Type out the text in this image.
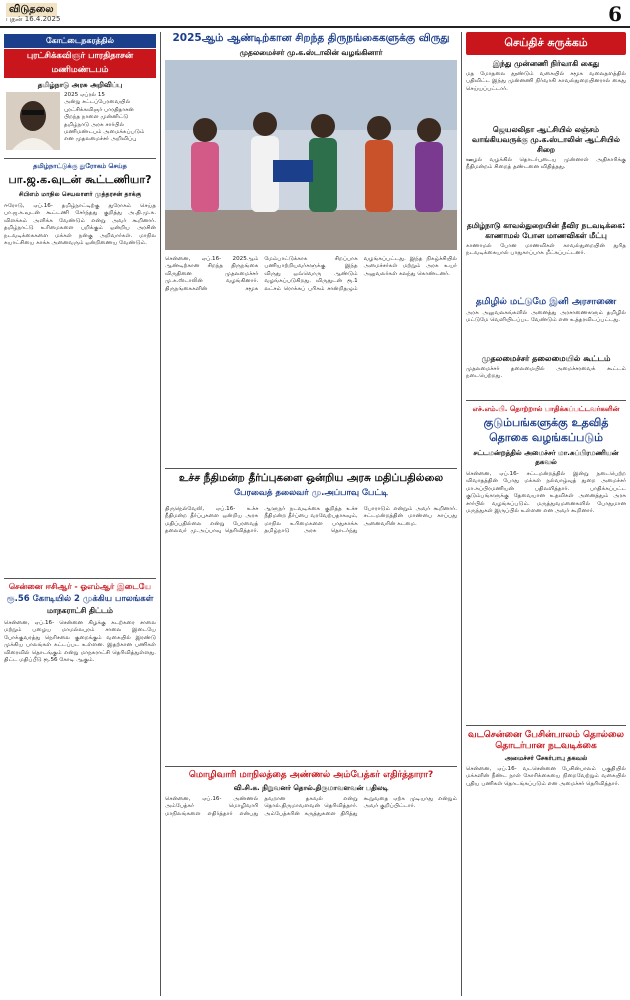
விடுதலை
புதன் 16.4.2025	6
கோட்டைநகரத்தில்
புரட்சிக்கவிஞர் பாரதிதாசன்
மணிமண்டபம்
தமிழ்நாடு அரசு அறிவிப்பு
2025 ஏப்ரல் 15
அன்று சட்டப்பேரவையில்
புரட்சிக்கவிஞர் பாரதிதாசன்
பிறந்த நாளை முன்னிட்டு
தமிழ்நாடு அரசு சார்பில்
மணிமண்டபம் அமைக்கப்படும்
என முதலமைச்சர் அறிவிப்பு
தமிழ்நாட்டுக்கு துரோகம் செய்த
பா.ஜ.க.வுடன் கூட்டணியா?
சிபிஎம் மாநில செயலாளர் முத்தரசன் தாக்கு
ஈரோடு, ஏப்.16- தமிழ்நாட்டிற்கு துரோகம் செய்த பா.ஜ.க.வுடன் கூட்டணி சேர்ந்தது குறித்து அ.தி.மு.க. விளக்கம் அளிக்க வேண்டும் என்று அவர் கூறினார். தமிழ்நாட்டு உரிமைகளை பறிக்கும் ஒன்றிய அரசின் நடவடிக்கைகளை மக்கள் நன்கு அறிவார்கள். மாநில சுயாட்சியை காக்க அனைவரும் ஒன்றிணைய வேண்டும்.
சென்னை ஈசிஆர் - ஓஎம்ஆர் இடையே
ரூ.56 கோடியில் 2 முக்கிய பாலங்கள்
மாநகராட்சி திட்டம்
சென்னை, ஏப்.16- சென்னை கிழக்கு கடற்கரை சாலை மற்றும் பழைய மாமல்லபுரம் சாலை இடையே போக்குவரத்து நெரிசலை குறைக்கும் வகையில் இரண்டு முக்கிய பாலங்கள் கட்டப்பட உள்ளன. இதற்கான பணிகள் விரைவில் தொடங்கும் என்று மாநகராட்சி தெரிவித்துள்ளது. திட்ட மதிப்பீடு ரூ.56 கோடி ஆகும்.
2025ஆம் ஆண்டிற்கான சிறந்த திருநங்கைகளுக்கு விருது
முதலமைச்சர் மு.க.ஸ்டாலின் வழங்கினார்
சென்னை, ஏப்.16- 2025ஆம் ஆண்டிற்கான சிறந்த திருநங்கை விருதினை முதலமைச்சர் மு.க.ஸ்டாலின் வழங்கினார். திருநங்கைகளின் சமூக மேம்பாட்டுக்காக சிறப்பாக பணியாற்றியவர்களுக்கு இந்த விருது ஒவ்வொரு ஆண்டும் வழங்கப்படுகிறது. விருதுடன் ரூ.1 லட்சம் ரொக்கப் பரிசும் சான்றிதழும் வழங்கப்பட்டது. இந்த நிகழ்ச்சியில் அமைச்சர்கள் மற்றும் அரசு உயர் அலுவலர்கள் கலந்து கொண்டனர்.
உச்ச நீதிமன்ற தீர்ப்புகளை ஒன்றிய அரசு மதிப்பதில்லை
பேரவைத் தலைவர் மு.அப்பாவு பேட்டி
திருநெல்வேலி, ஏப்.16- உச்ச நீதிமன்ற தீர்ப்புகளை ஒன்றிய அரசு மதிப்பதில்லை என்று பேரவைத் தலைவர் மு.அப்பாவு தெரிவித்தார். ஆளுநர் நடவடிக்கை குறித்த உச்ச நீதிமன்ற தீர்ப்பை வரவேற்பதாகவும், மாநில உரிமைகளை பாதுகாக்க தமிழ்நாடு அரசு தொடர்ந்து போராடும் என்றும் அவர் கூறினார். சட்டமன்றத்தின் மாண்பை காப்பது அனைவரின் கடமை.
மொழிவாரி மாநிலத்தை அண்ணல் அம்பேத்கர் எதிர்த்தாரா?
வி.சி.க. நிறுவனர் தொல்.திருமாவளவன் பதிலடி
சென்னை, ஏப்.16- அண்ணல் அம்பேத்கர் மொழிவாரி மாநிலங்களை எதிர்த்தார் என்பது தவறான தகவல் என்று தொல்.திருமாவளவன் தெரிவித்தார். அம்பேத்கரின் கருத்துகளை திரித்து கூறுவதை ஏற்க முடியாது என்றும் அவர் குறிப்பிட்டார்.
செய்திச் சுருக்கம்
இந்து முன்னணி நிர்வாகி கைது
மத மோதலை தூண்டும் வகையில் சமூக வலைதளத்தில் பதிவிட்ட இந்து முன்னணி நிர்வாகி காவல்துறையினரால் கைது செய்யப்பட்டார்.
ஜெயலலிதா ஆட்சியில் லஞ்சம் வாங்கியவருக்கு மு.க.ஸ்டாலின் ஆட்சியில் சிறை
ஊழல் வழக்கில் தொடர்புடைய முன்னாள் அதிகாரிக்கு நீதிமன்றம் சிறைத் தண்டனை விதித்தது.
தமிழ்நாடு காவல்துறையின் தீவிர நடவடிக்கை: காணாமல் போன மாணவிகள் மீட்பு
காணாமல் போன மாணவிகள் காவல்துறையின் துரித நடவடிக்கையால் பாதுகாப்பாக மீட்கப்பட்டனர்.
தமிழில் மட்டுமே இனி அரசாணை
அரசு அலுவலகங்களில் அனைத்து அரசாணைகளும் தமிழில் மட்டுமே வெளியிடப்பட வேண்டும் என உத்தரவிடப்பட்டது.
முதலமைச்சர் தலைமையில் கூட்டம்
முதலமைச்சர் தலைமையில் அமைச்சரவைக் கூட்டம் நடைபெற்றது.
எச்.எம்.பி. தொற்றால் பாதிக்கப்பட்டவர்களின்
குடும்பங்களுக்கு உதவித் தொகை வழங்கப்படும்
சட்டமன்றத்தில் அமைச்சர் மா.சுப்பிரமணியன் தகவல்
சென்னை, ஏப்.16- சட்டமன்றத்தில் இன்று நடைபெற்ற விவாதத்தின் போது மக்கள் நல்வாழ்வுத் துறை அமைச்சர் மா.சுப்பிரமணியன் பதிலளித்தார். பாதிக்கப்பட்ட குடும்பங்களுக்கு தேவையான உதவிகள் அனைத்தும் அரசு சார்பில் வழங்கப்படும். மருத்துவமனைகளில் போதுமான மருந்துகள் இருப்பில் உள்ளன என அவர் கூறினார்.
வடசென்னை பேசின்பாலம் தொல்லை தொடர்பான நடவடிக்கை
அமைச்சர் சேகர்பாபு தகவல்
சென்னை, ஏப்.16- வடசென்னை பேசின்பாலம் பகுதியில் மக்களின் நீண்ட நாள் கோரிக்கையை நிறைவேற்றும் வகையில் புதிய பணிகள் தொடங்கப்படும் என அமைச்சர் தெரிவித்தார்.
